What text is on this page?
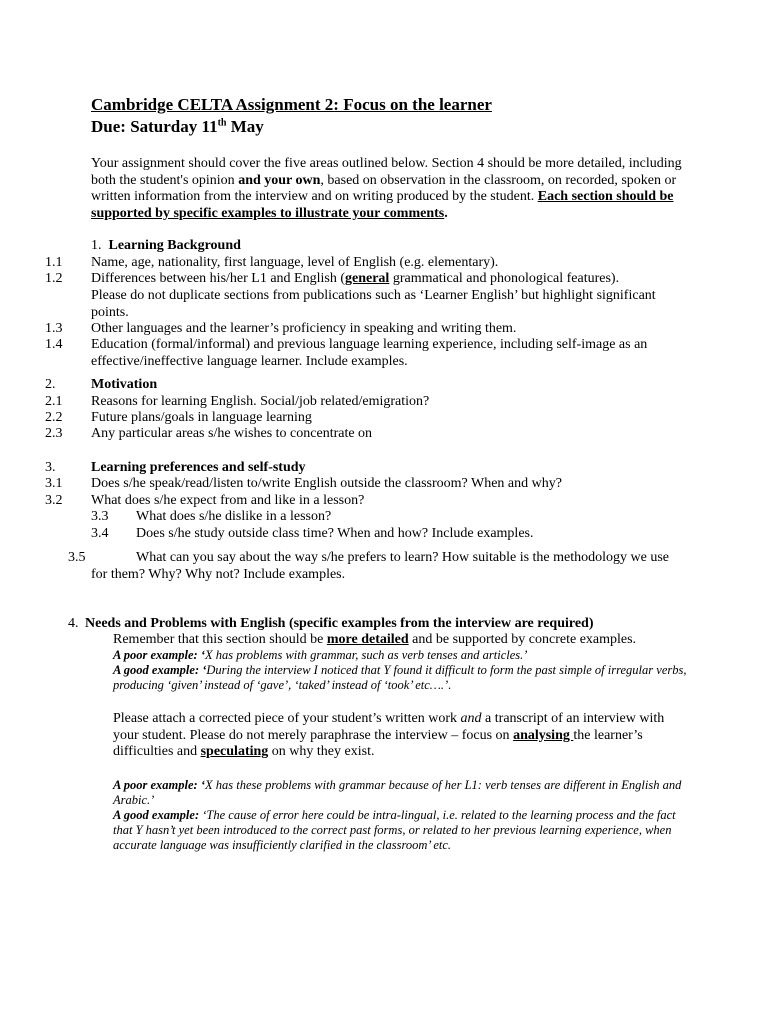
Cambridge CELTA Assignment 2: Focus on the learner
Due: Saturday 11th May
Your assignment should cover the five areas outlined below. Section 4 should be more detailed, including both the student's opinion and your own, based on observation in the classroom, on recorded, spoken or written information from the interview and on writing produced by the student. Each section should be supported by specific examples to illustrate your comments.
1. Learning Background
1.1 Name, age, nationality, first language, level of English (e.g. elementary).
1.2 Differences between his/her L1 and English (general grammatical and phonological features).
Please do not duplicate sections from publications such as ‘Learner English’ but highlight significant points.
1.3 Other languages and the learner’s proficiency in speaking and writing them.
1.4 Education (formal/informal) and previous language learning experience, including self-image as an effective/ineffective language learner. Include examples.
2.	Motivation
2.1 Reasons for learning English. Social/job related/emigration?
2.2 Future plans/goals in language learning
2.3 Any particular areas s/he wishes to concentrate on
3.	Learning preferences and self-study
3.1 Does s/he speak/read/listen to/write English outside the classroom? When and why?
3.2 What does s/he expect from and like in a lesson?
3.3 What does s/he dislike in a lesson?
3.4 Does s/he study outside class time? When and how? Include examples.
3.5	What can you say about the way s/he prefers to learn? How suitable is the methodology we use
for them? Why? Why not? Include examples.
4. Needs and Problems with English (specific examples from the interview are required)
Remember that this section should be more detailed and be supported by concrete examples.
A poor example: ‘X has problems with grammar, such as verb tenses and articles.’
A good example: ‘During the interview I noticed that Y found it difficult to form the past simple of irregular verbs, producing ‘given’ instead of ‘gave’, ‘taked’ instead of ‘took’ etc….’.
Please attach a corrected piece of your student’s written work and a transcript of an interview with your student. Please do not merely paraphrase the interview – focus on analysing the learner’s difficulties and speculating on why they exist.
A poor example: ‘X has these problems with grammar because of her L1: verb tenses are different in English and Arabic.’
A good example: ‘The cause of error here could be intra-lingual, i.e. related to the learning process and the fact that Y hasn’t yet been introduced to the correct past forms, or related to her previous learning experience, when accurate language was insufficiently clarified in the classroom’ etc.
